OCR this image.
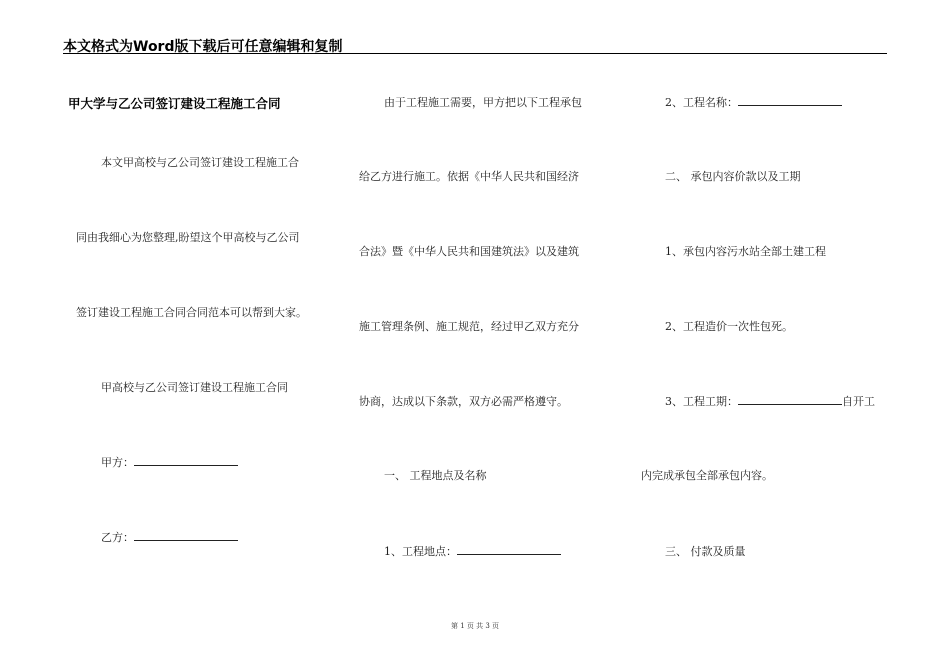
本文格式为Word版下载后可任意编辑和复制
甲大学与乙公司签订建设工程施工合同
本文甲高校与乙公司签订建设工程施工合
同由我细心为您整理,盼望这个甲高校与乙公司
签订建设工程施工合同合同范本可以帮到大家。
甲高校与乙公司签订建设工程施工合同
甲方：
乙方：
由于工程施工需要，甲方把以下工程承包
给乙方进行施工。依据《中华人民共和国经济
合法》暨《中华人民共和国建筑法》以及建筑
施工管理条例、施工规范，经过甲乙双方充分
协商，达成以下条款，双方必需严格遵守。
一、 工程地点及名称
1、工程地点：
2、工程名称：
二、 承包内容价款以及工期
1、承包内容污水站全部土建工程
2、工程造价一次性包死。
3、工程工期：	自开工
内完成承包全部承包内容。
三、 付款及质量
第 1 页 共 3 页
